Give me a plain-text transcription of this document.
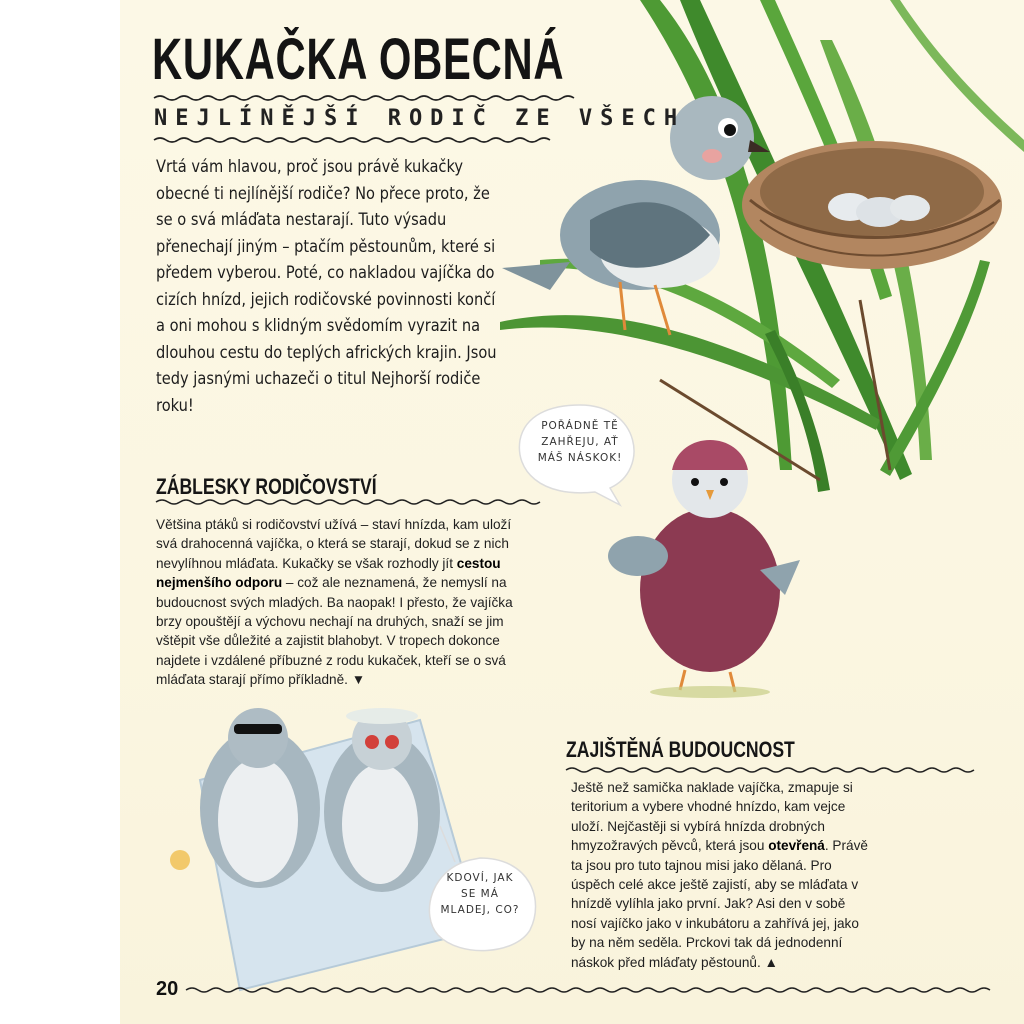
KUKAČKA OBECNÁ
NEJLÍNĚJŠÍ RODIČ ZE VŠECH

Vrtá vám hlavou, proč jsou právě kukačky obecné ti nejlínější rodiče? No přece proto, že se o svá mláďata nestarají. Tuto výsadu přenechají jiným – ptačím pěstounům, které si předem vyberou. Poté, co nakladou vajíčka do cizích hnízd, jejich rodičovské povinnosti končí a oni mohou s klidným svědomím vyrazit na dlouhou cestu do teplých afrických krajin. Jsou tedy jasnými uchazeči o titul Nejhorší rodiče roku!

ZÁBLESKY RODIČOVSTVÍ

Většina ptáků si rodičovství užívá – staví hnízda, kam uloží svá drahocenná vajíčka, o která se starají, dokud se z nich nevylíhnou mláďata. Kukačky se však rozhodly jít cestou nejmenšího odporu – což ale neznamená, že nemyslí na budoucnost svých mladých. Ba naopak! I přesto, že vajíčka brzy opouštějí a výchovu nechají na druhých, snaží se jim vštěpit vše důležité a zajistit blahobyt. V tropech dokonce najdete i vzdálené příbuzné z rodu kukaček, kteří se o svá mláďata starají přímo příkladně. ▼

POŘÁDNĚ TĚ ZAHŘEJU, AŤ MÁŠ NÁSKOK!
KDOVÍ, JAK SE MÁ MLADEJ, CO?
ZAJIŠTĚNÁ BUDOUCNOST

Ještě než samička naklade vajíčka, zmapuje si teritorium a vybere vhodné hnízdo, kam vejce uloží. Nejčastěji si vybírá hnízda drobných hmyzožravých pěvců, která jsou otevřená. Právě ta jsou pro tuto tajnou misi jako dělaná. Pro úspěch celé akce ještě zajistí, aby se mláďata v hnízdě vylíhla jako první. Jak? Asi den v sobě nosí vajíčko jako v inkubátoru a zahřívá jej, jako by na něm seděla. Prckovi tak dá jednodenní náskok před mláďaty pěstounů. ▲

20
